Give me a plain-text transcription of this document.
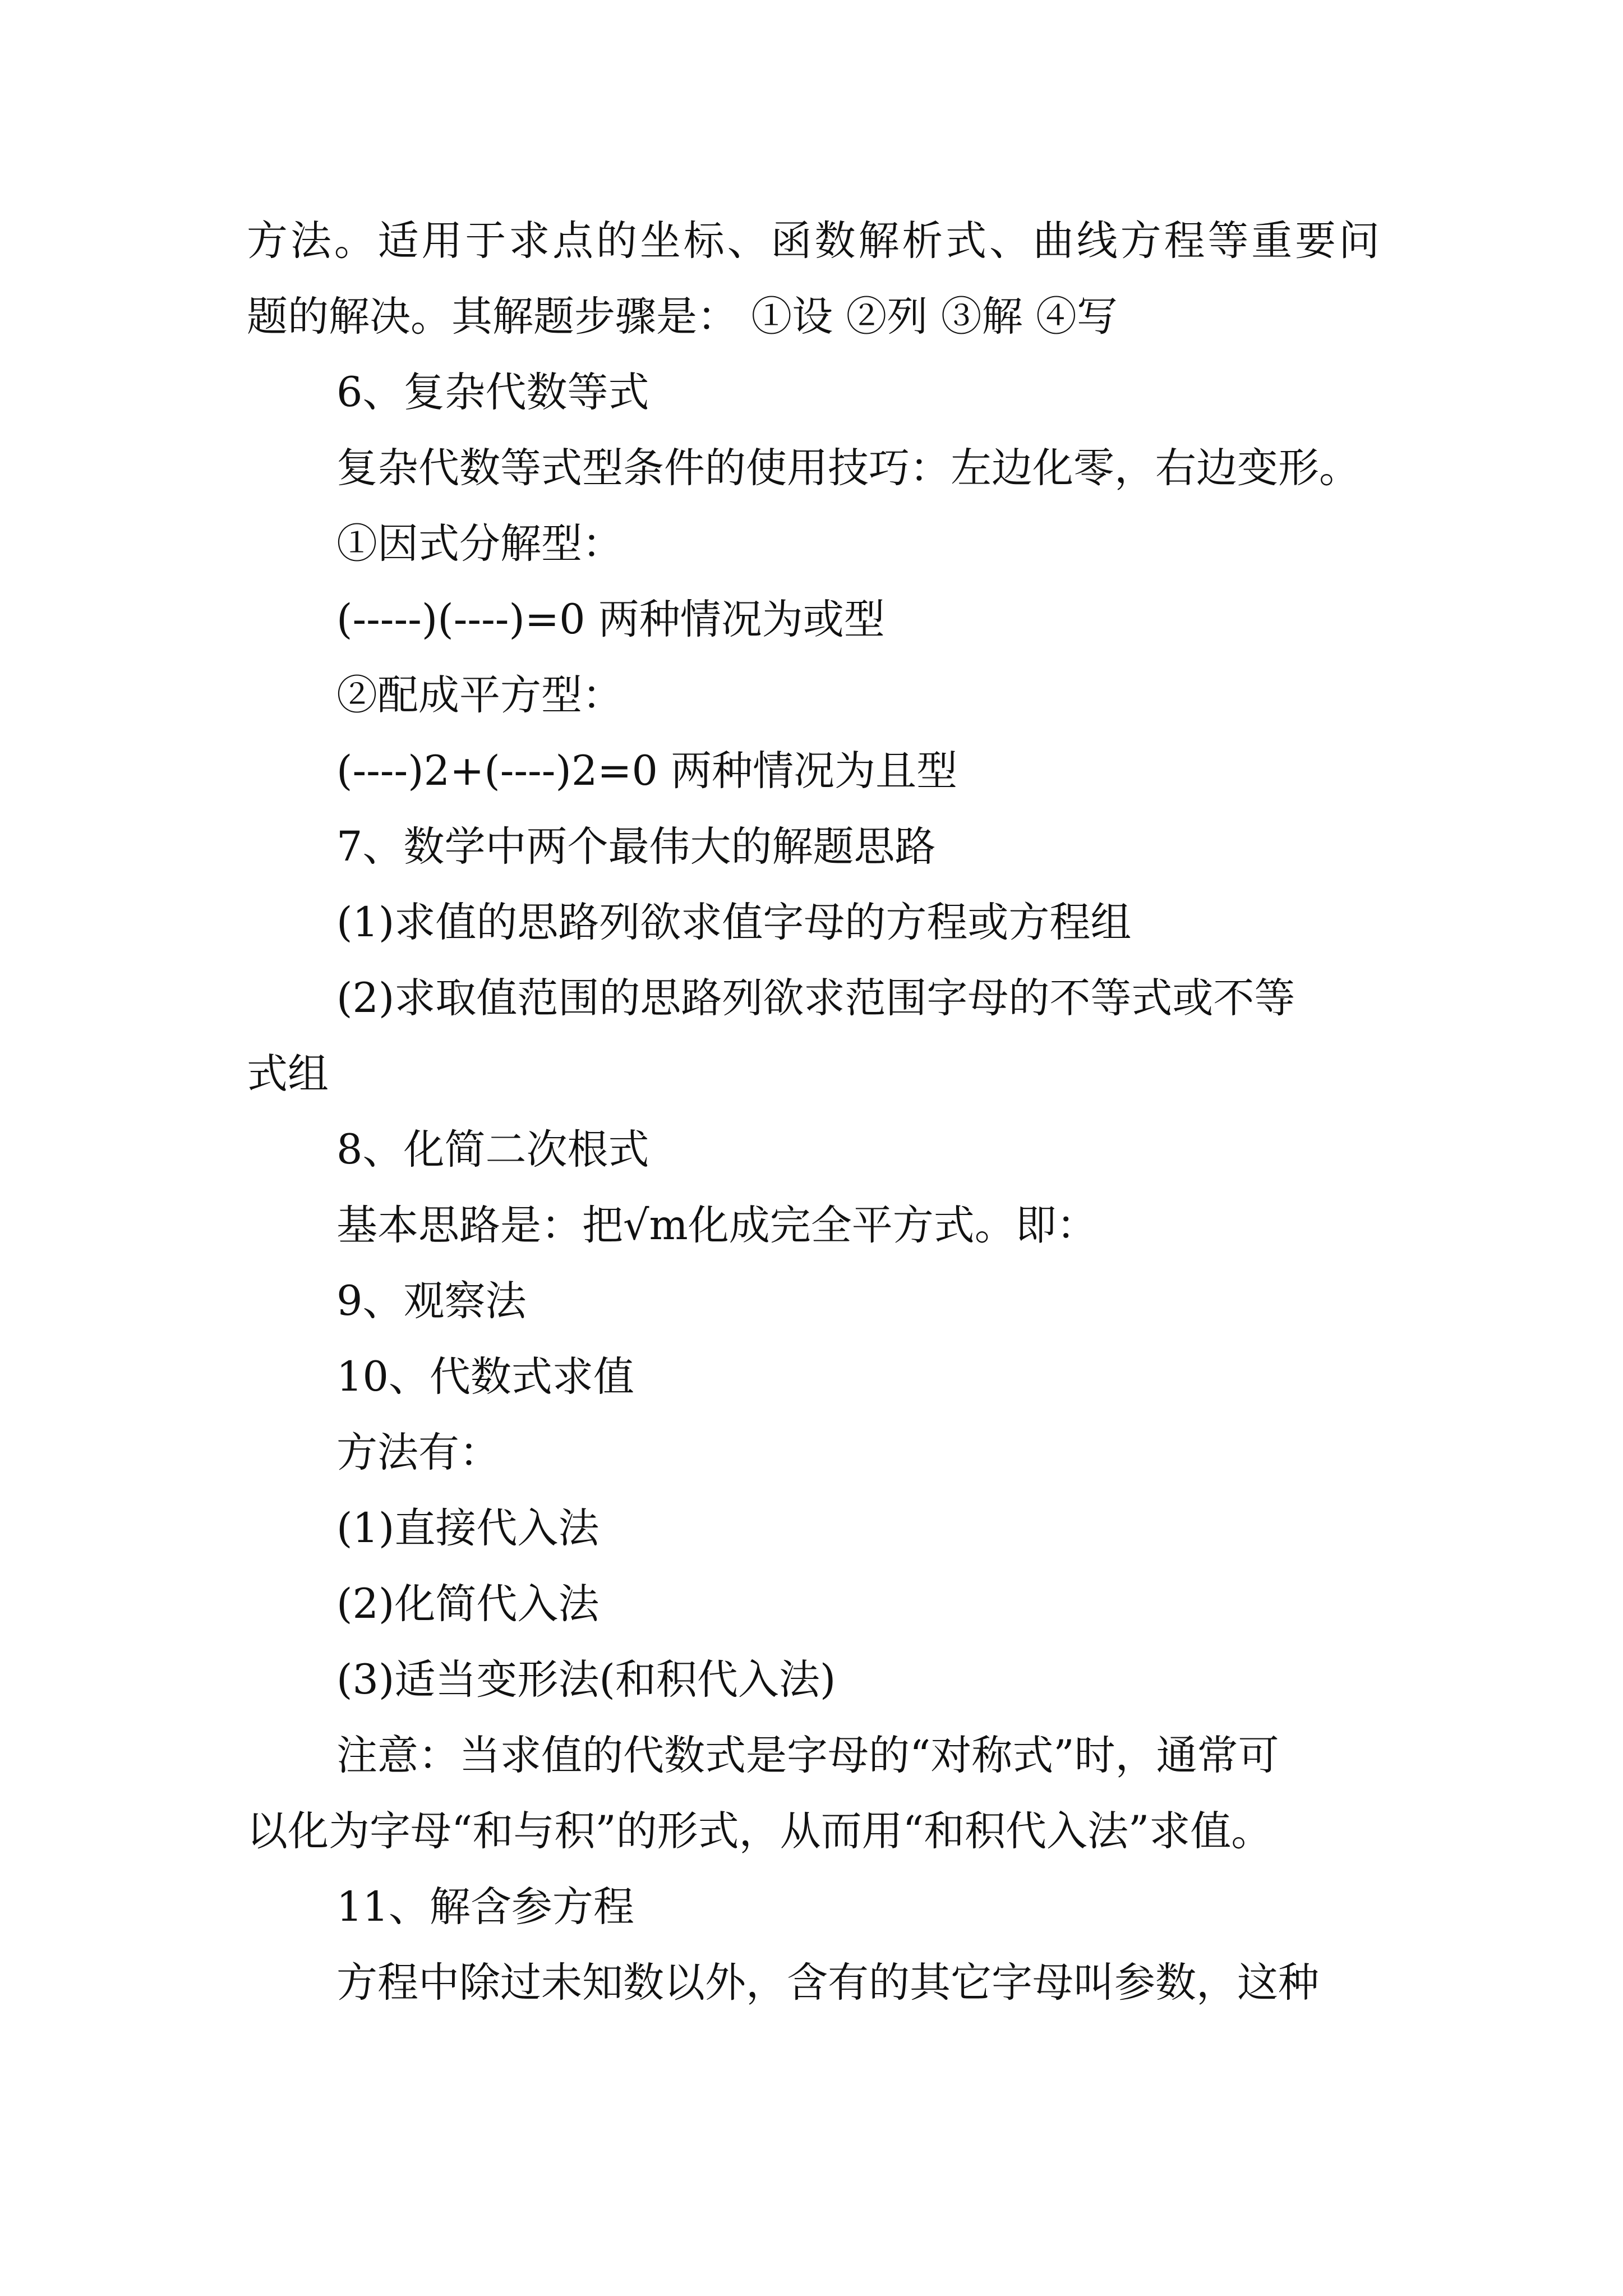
方法。适用于求点的坐标、函数解析式、曲线方程等重要问
题的解决。其解题步骤是： ①设 ②列 ③解 ④写
6、复杂代数等式
复杂代数等式型条件的使用技巧：左边化零，右边变形。
①因式分解型：
(-----)(----)=0 两种情况为或型
②配成平方型：
(----)2+(----)2=0 两种情况为且型
7、数学中两个最伟大的解题思路
(1)求值的思路列欲求值字母的方程或方程组
(2)求取值范围的思路列欲求范围字母的不等式或不等
式组
8、化简二次根式
基本思路是：把√m化成完全平方式。即：
9、观察法
10、代数式求值
方法有：
(1)直接代入法
(2)化简代入法
(3)适当变形法(和积代入法)
注意：当求值的代数式是字母的“对称式”时，通常可
以化为字母“和与积”的形式，从而用“和积代入法”求值。
11、解含参方程
方程中除过未知数以外，含有的其它字母叫参数，这种
